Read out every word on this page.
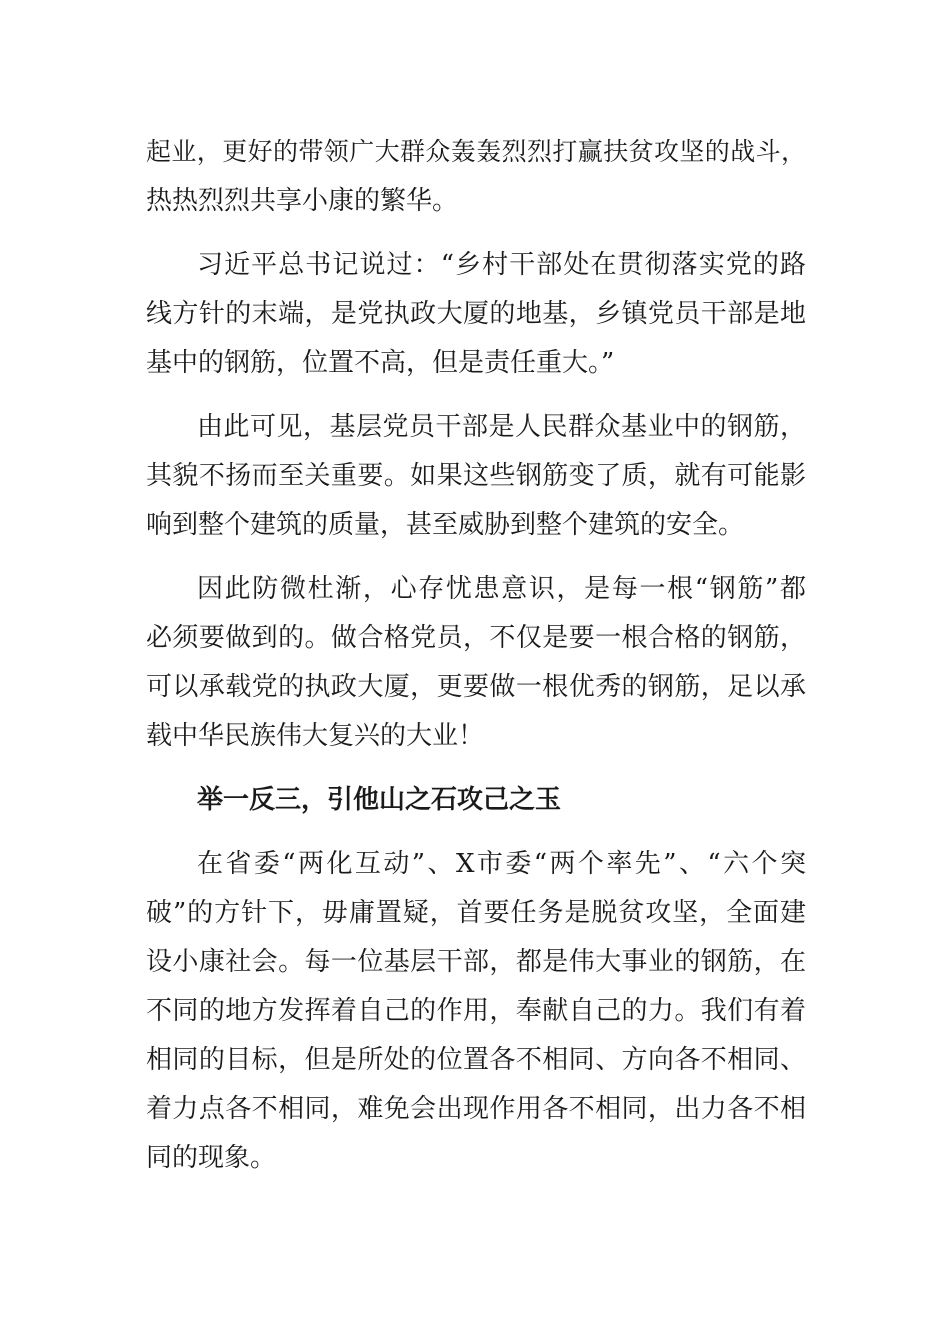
起业，更好的带领广大群众轰轰烈烈打赢扶贫攻坚的战斗，
热热烈烈共享小康的繁华。
习近平总书记说过：“乡村干部处在贯彻落实党的路
线方针的末端，是党执政大厦的地基，乡镇党员干部是地
基中的钢筋，位置不高，但是责任重大。”
由此可见，基层党员干部是人民群众基业中的钢筋，
其貌不扬而至关重要。如果这些钢筋变了质，就有可能影
响到整个建筑的质量，甚至威胁到整个建筑的安全。
因此防微杜渐，心存忧患意识，是每一根“钢筋”都
必须要做到的。做合格党员，不仅是要一根合格的钢筋，
可以承载党的执政大厦，更要做一根优秀的钢筋，足以承
载中华民族伟大复兴的大业！
举一反三，引他山之石攻己之玉
在省委“两化互动”、X市委“两个率先”、“六个突
破”的方针下，毋庸置疑，首要任务是脱贫攻坚，全面建
设小康社会。每一位基层干部，都是伟大事业的钢筋，在
不同的地方发挥着自己的作用，奉献自己的力。我们有着
相同的目标，但是所处的位置各不相同、方向各不相同、
着力点各不相同，难免会出现作用各不相同，出力各不相
同的现象。
